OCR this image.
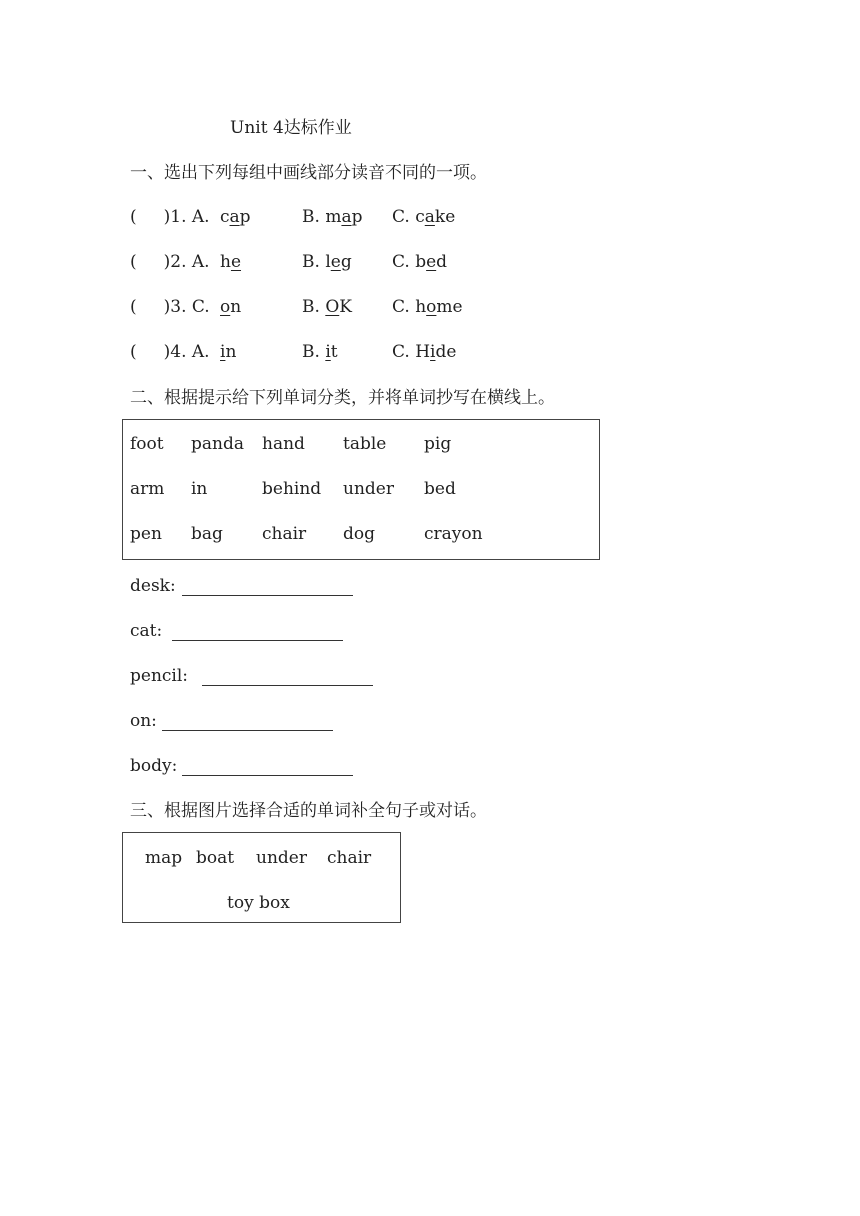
Unit 4达标作业
一、选出下列每组中画线部分读音不同的一项。
(     )1. A. cap	B. map C. cake
(     )2. A. he	B. leg C. bed
(     )3. C. on	B. OK C. home
(     )4. A. in	B. it	C. Hide
二、根据提示给下列单词分类，并将单词抄写在横线上。
foot panda hand table pig
arm in	behind under bed
pen bag chair dog	crayon
desk:
cat:
pencil:
on:
body:
三、根据图片选择合适的单词补全句子或对话。
map boat under chair
toy box
